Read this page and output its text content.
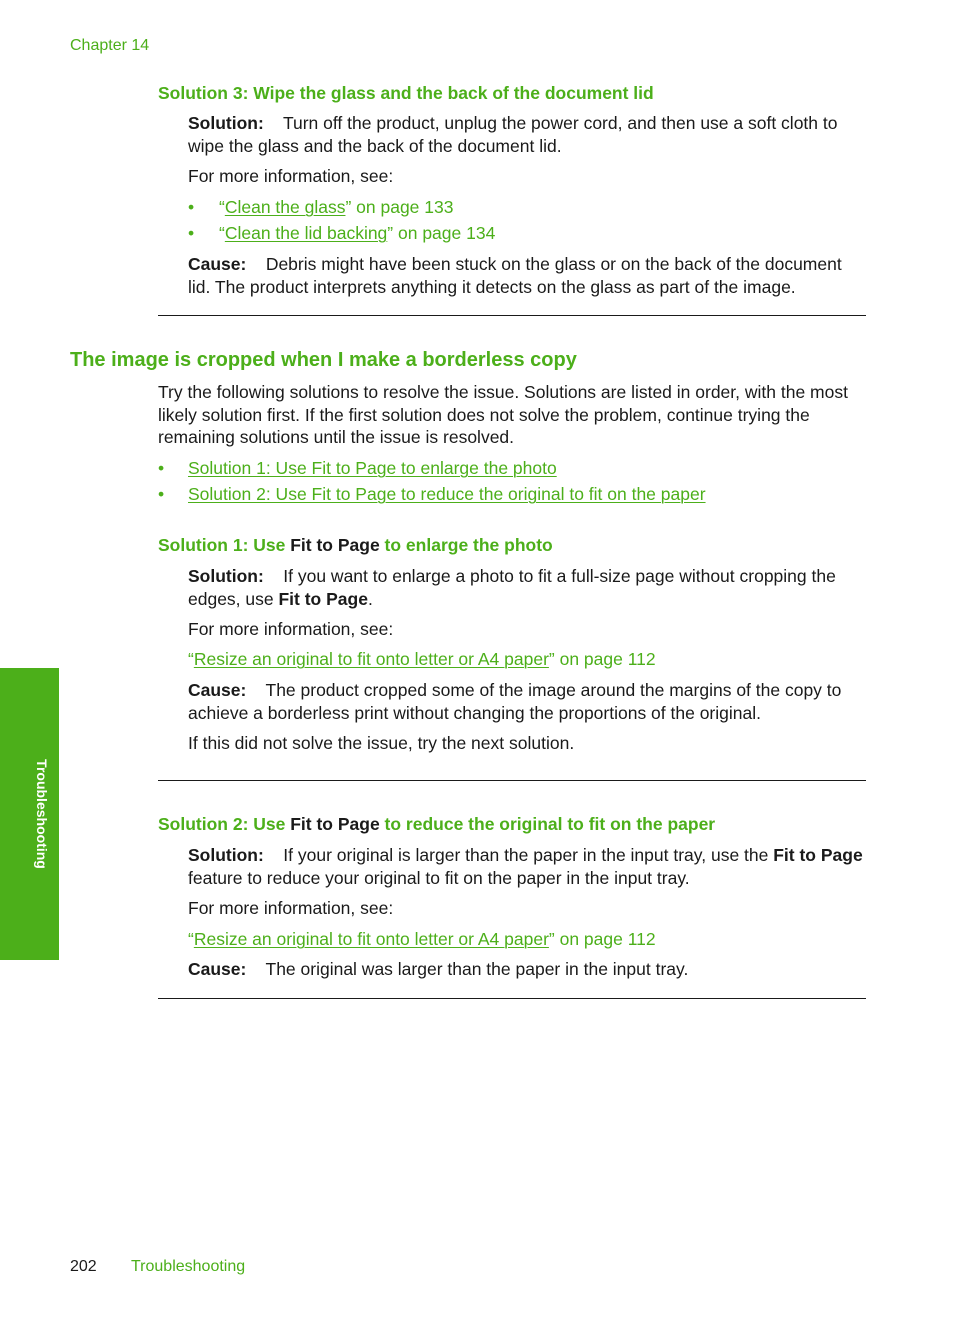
Chapter 14
Solution 3: Wipe the glass and the back of the document lid
Solution: Turn off the product, unplug the power cord, and then use a soft cloth to wipe the glass and the back of the document lid.
For more information, see:
• “Clean the glass” on page 133
• “Clean the lid backing” on page 134
Cause: Debris might have been stuck on the glass or on the back of the document lid. The product interprets anything it detects on the glass as part of the image.
The image is cropped when I make a borderless copy
Try the following solutions to resolve the issue. Solutions are listed in order, with the most likely solution first. If the first solution does not solve the problem, continue trying the remaining solutions until the issue is resolved.
• Solution 1: Use Fit to Page to enlarge the photo
• Solution 2: Use Fit to Page to reduce the original to fit on the paper
Solution 1: Use Fit to Page to enlarge the photo
Solution: If you want to enlarge a photo to fit a full-size page without cropping the edges, use Fit to Page.
For more information, see:
“Resize an original to fit onto letter or A4 paper” on page 112
Cause: The product cropped some of the image around the margins of the copy to achieve a borderless print without changing the proportions of the original.
If this did not solve the issue, try the next solution.
Solution 2: Use Fit to Page to reduce the original to fit on the paper
Solution: If your original is larger than the paper in the input tray, use the Fit to Page feature to reduce your original to fit on the paper in the input tray.
For more information, see:
“Resize an original to fit onto letter or A4 paper” on page 112
Cause: The original was larger than the paper in the input tray.
Troubleshooting
202 Troubleshooting
